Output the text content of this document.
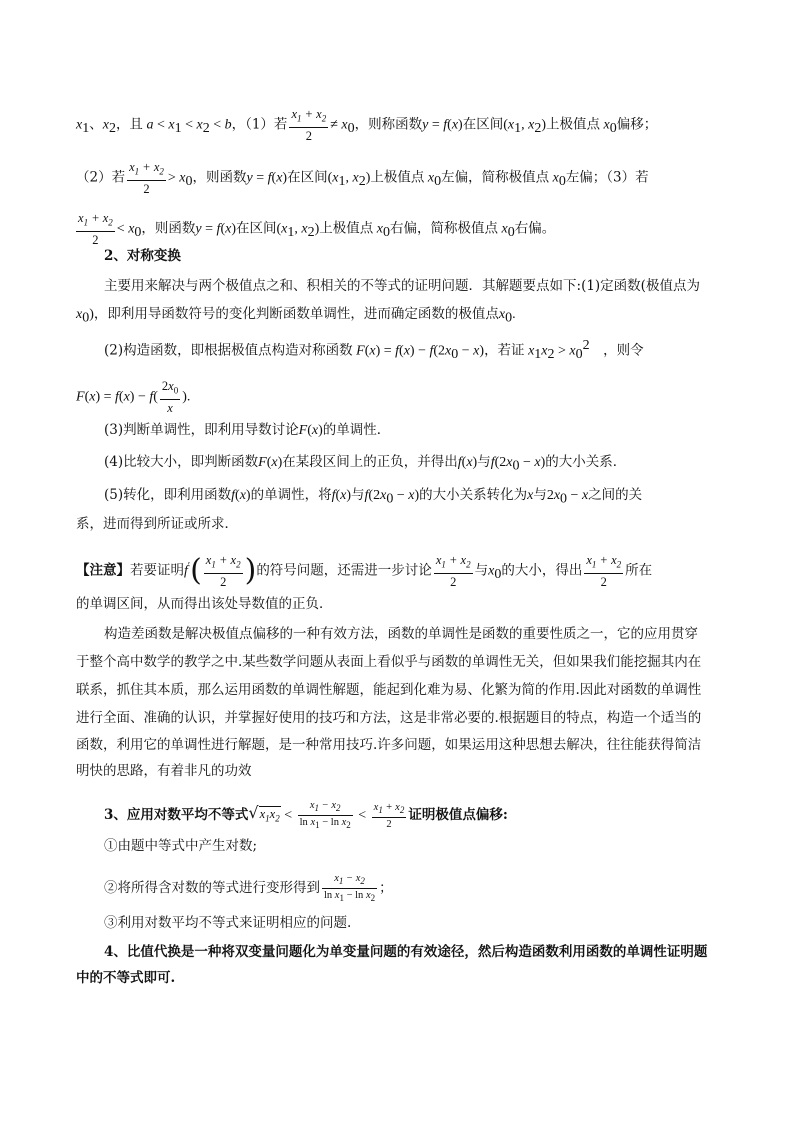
$x_1$、$x_2$，且 $a < x_1 < x_2 < b$，（1）若 $\frac{x_1 + x_2}{2} \ne x_0$，则称函数y = f(x)在区间($x_1$, $x_2$)上极值点 $x_0$偏移；
（2）若 $\frac{x_1 + x_2}{2} > x_0$，则函数y = f(x)在区间($x_1$, $x_2$)上极值点 $x_0$左偏，简称极值点 $x_0$左偏；（3）若
$\frac{x_1 + x_2}{2} < x_0$，则函数y = f(x)在区间($x_1$, $x_2$)上极值点 $x_0$右偏，简称极值点 $x_0$右偏。
2、对称变换
主要用来解决与两个极值点之和、积相关的不等式的证明问题．其解题要点如下:(1)定函数(极值点为
$x_0$)，即利用导函数符号的变化判断函数单调性，进而确定函数的极值点$x_0$.
(2)构造函数，即根据极值点构造对称函数 $F(x) = f(x) - f(2x_0 - x)$，若证 $x_1x_2 > x_0^2$　 ，则令
$F(x) = f(x) - f( \frac{2x_0}{x}$ ).
(3)判断单调性，即利用导数讨论F(x)的单调性．
(4)比较大小，即判断函数F(x)在某段区间上的正负，并得出f(x)与$f(2x_0 - x)$的大小关系．
(5)转化，即利用函数f(x)的单调性，将f(x)与$f(2x_0 - x)$的大小关系转化为x与$2x_0 - x$之间的关
系，进而得到所证或所求．
【注意】若要证明$f'( \frac{x_1 + x_2}{2}$ )的符号问题，还需进一步讨论 $\frac{x_1 + x_2}{2}$ 与$x_0$的大小，得出 $\frac{x_1 + x_2}{2}$ 所在
的单调区间，从而得出该处导数值的正负．
构造差函数是解决极值点偏移的一种有效方法，函数的单调性是函数的重要性质之一，它的应用贯穿
于整个高中数学的教学之中.某些数学问题从表面上看似乎与函数的单调性无关，但如果我们能挖掘其内在
联系，抓住其本质，那么运用函数的单调性解题，能起到化难为易、化繁为简的作用.因此对函数的单调性
进行全面、准确的认识，并掌握好使用的技巧和方法，这是非常必要的.根据题目的特点，构造一个适当的
函数，利用它的单调性进行解题，是一种常用技巧.许多问题，如果运用这种思想去解决，往往能获得简洁
明快的思路，有着非凡的功效
3、应用对数平均不等式$√x_1x_2 < \frac{x_1 - x_2}{\ln x_1 - \ln x_2} < \frac{x_1 + x_2}{2}$ 证明极值点偏移:
①由题中等式中产生对数;
②将所得含对数的等式进行变形得到 $\frac{x_1 - x_2}{\ln x_1 - \ln x_2}$ ；
③利用对数平均不等式来证明相应的问题.
4、比值代换是一种将双变量问题化为单变量问题的有效途径，然后构造函数利用函数的单调性证明题
中的不等式即可.
